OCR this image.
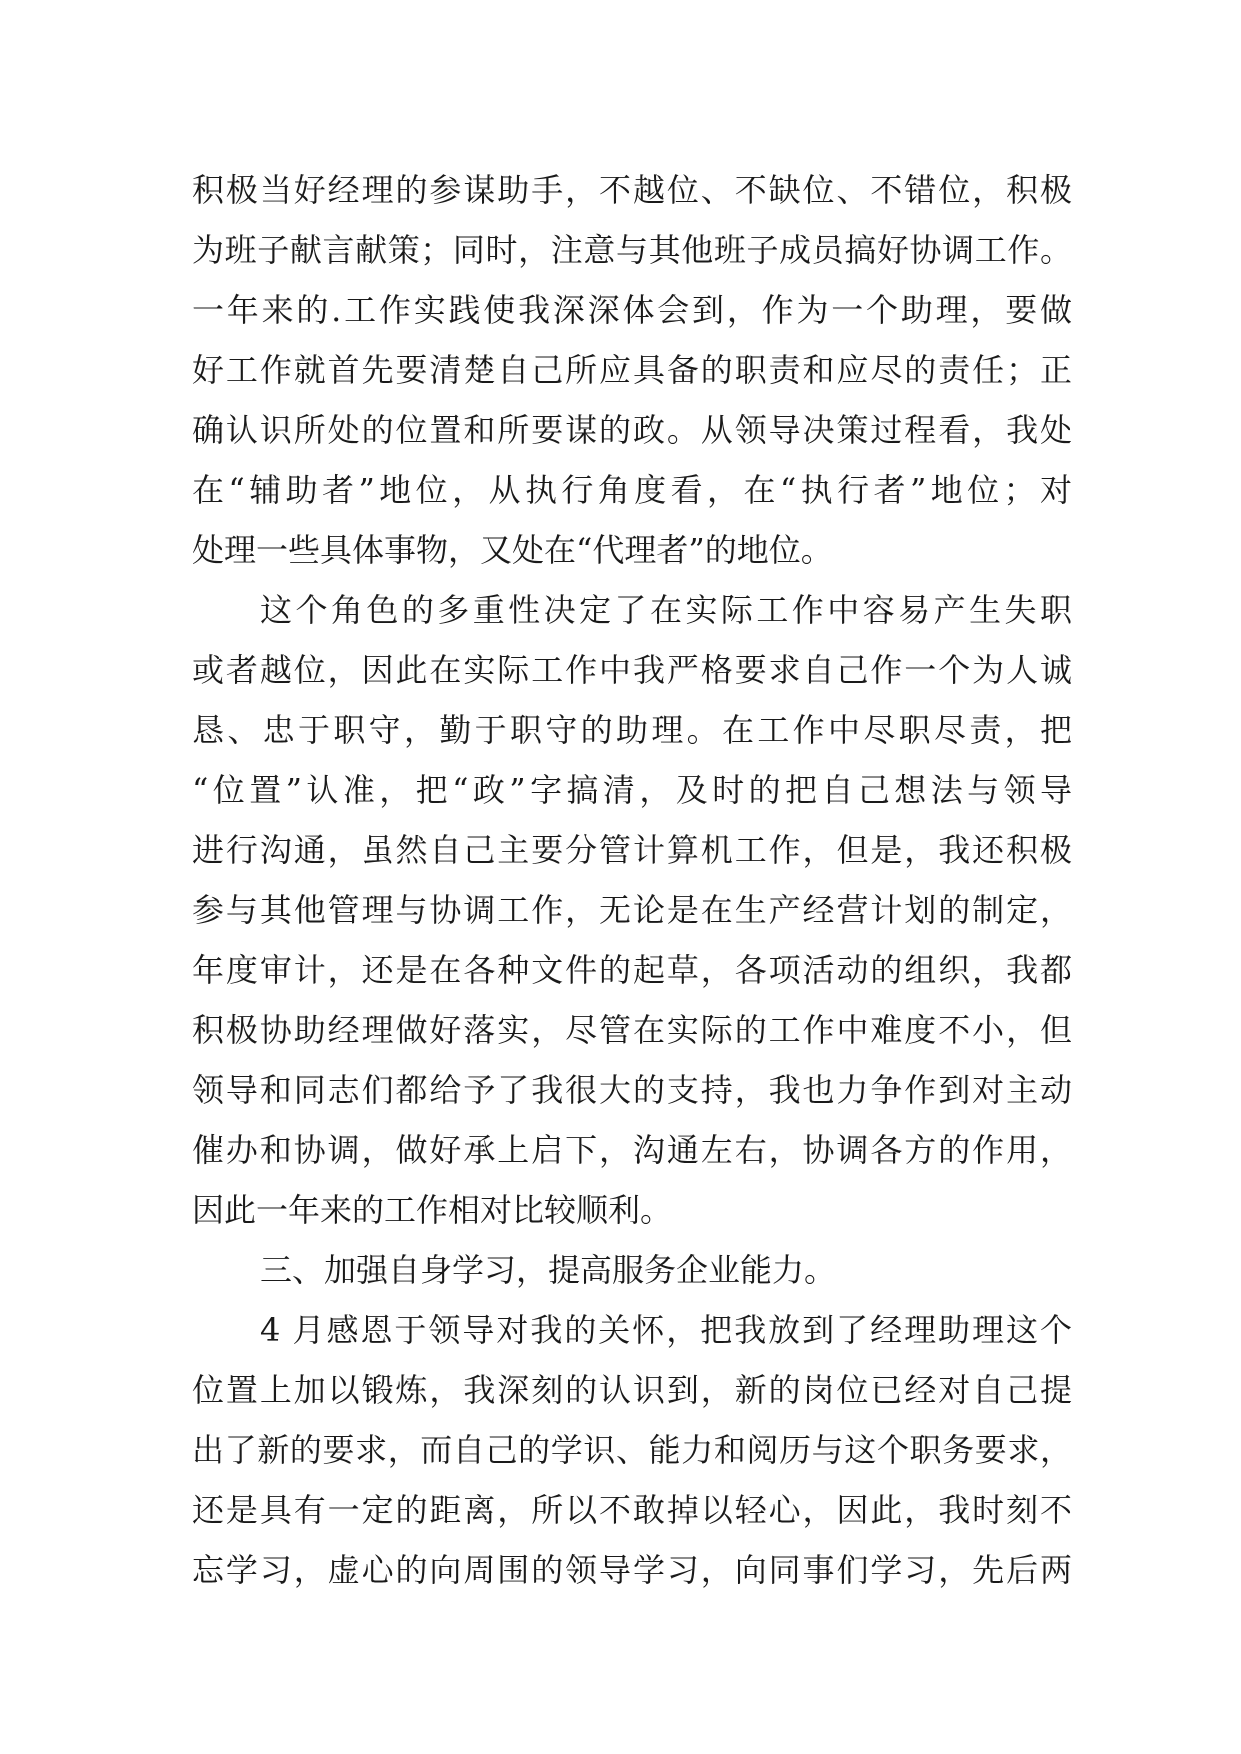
积极当好经理的参谋助手，不越位、不缺位、不错位，积极
为班子献言献策；同时，注意与其他班子成员搞好协调工作。
一年来的.工作实践使我深深体会到，作为一个助理，要做
好工作就首先要清楚自己所应具备的职责和应尽的责任；正
确认识所处的位置和所要谋的政。从领导决策过程看，我处
在“辅助者”地位，从执行角度看，在“执行者”地位；对
处理一些具体事物，又处在“代理者”的地位。
这个角色的多重性决定了在实际工作中容易产生失职
或者越位，因此在实际工作中我严格要求自己作一个为人诚
恳、忠于职守，勤于职守的助理。在工作中尽职尽责，把
“位置”认准，把“政”字搞清，及时的把自己想法与领导
进行沟通，虽然自己主要分管计算机工作，但是，我还积极
参与其他管理与协调工作，无论是在生产经营计划的制定，
年度审计，还是在各种文件的起草，各项活动的组织，我都
积极协助经理做好落实，尽管在实际的工作中难度不小，但
领导和同志们都给予了我很大的支持，我也力争作到对主动
催办和协调，做好承上启下，沟通左右，协调各方的作用，
因此一年来的工作相对比较顺利。
三、加强自身学习，提高服务企业能力。
4 月感恩于领导对我的关怀，把我放到了经理助理这个
位置上加以锻炼，我深刻的认识到，新的岗位已经对自己提
出了新的要求，而自己的学识、能力和阅历与这个职务要求，
还是具有一定的距离，所以不敢掉以轻心，因此，我时刻不
忘学习，虚心的向周围的领导学习，向同事们学习，先后两
